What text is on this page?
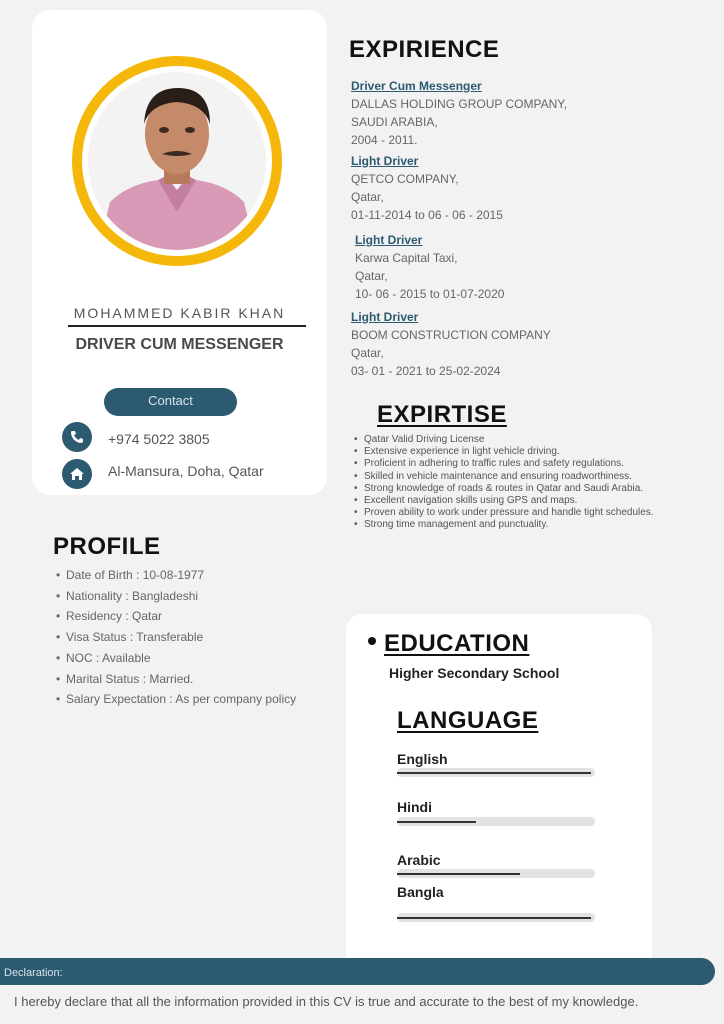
MOHAMMED KABIR KHAN
DRIVER CUM MESSENGER
Contact
+974 5022 3805
Al-Mansura, Doha, Qatar
EXPIRIENCE
Driver Cum Messenger
DALLAS HOLDING GROUP COMPANY,
SAUDI ARABIA,
2004 - 2011.
Light Driver
QETCO COMPANY,
Qatar,
01-11-2014 to 06 - 06 - 2015
Light Driver
Karwa Capital Taxi,
Qatar,
10- 06 - 2015 to 01-07-2020
Light Driver
BOOM CONSTRUCTION COMPANY
Qatar,
03- 01 - 2021 to 25-02-2024
EXPIRTISE
• Qatar Valid Driving License
• Extensive experience in light vehicle driving.
• Proficient in adhering to traffic rules and safety regulations.
• Skilled in vehicle maintenance and ensuring roadworthiness.
• Strong knowledge of roads & routes in Qatar and Saudi Arabia.
• Excellent navigation skills using GPS and maps.
• Proven ability to work under pressure and handle tight schedules.
• Strong time management and punctuality.
PROFILE
• Date of Birth : 10-08-1977
• Nationality : Bangladeshi
• Residency : Qatar
• Visa Status : Transferable
• NOC : Available
• Marital Status : Married.
• Salary Expectation : As per company policy
EDUCATION
Higher Secondary School
LANGUAGE
English
Hindi
Arabic
Bangla
Declaration:
I hereby declare that all the information provided in this CV is true and accurate to the best of my knowledge.
